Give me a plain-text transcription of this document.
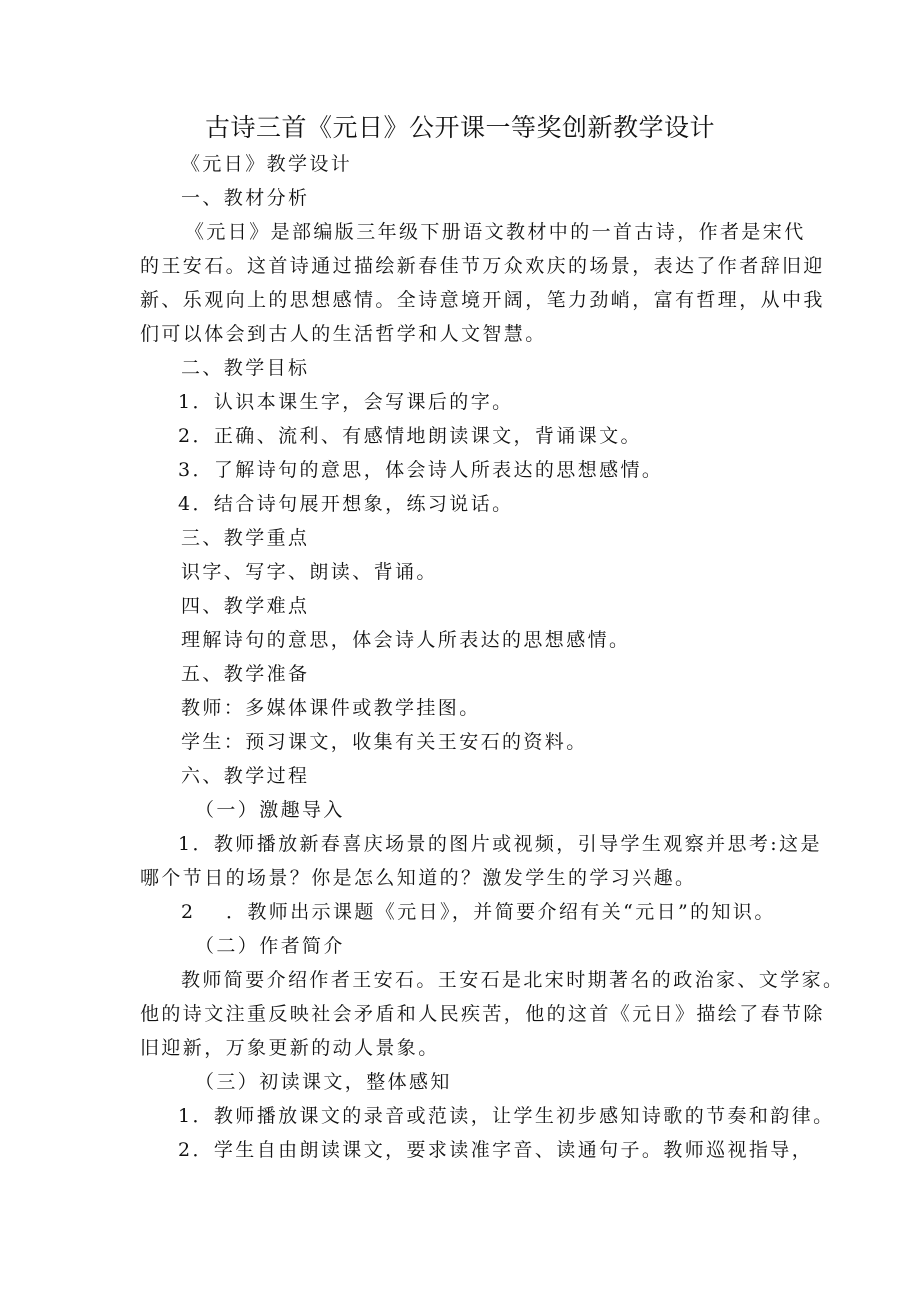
古诗三首《元日》公开课一等奖创新教学设计

《元日》教学设计

一、教材分析

《元日》是部编版三年级下册语文教材中的一首古诗，作者是宋代

的王安石。这首诗通过描绘新春佳节万众欢庆的场景，表达了作者辞旧迎

新、乐观向上的思想感情。全诗意境开阔，笔力劲峭，富有哲理，从中我

们可以体会到古人的生活哲学和人文智慧。

二、教学目标

1．认识本课生字，会写课后的字。

2．正确、流利、有感情地朗读课文，背诵课文。

3．了解诗句的意思，体会诗人所表达的思想感情。

4．结合诗句展开想象，练习说话。

三、教学重点

识字、写字、朗读、背诵。

四、教学难点

理解诗句的意思，体会诗人所表达的思想感情。

五、教学准备

教师：多媒体课件或教学挂图。

学生：预习课文，收集有关王安石的资料。

六、教学过程

（一）激趣导入

1．教师播放新春喜庆场景的图片或视频，引导学生观察并思考:这是

哪个节日的场景？你是怎么知道的？激发学生的学习兴趣。

2 ．教师出示课题《元日》，并简要介绍有关“元日”的知识。

（二）作者简介

教师简要介绍作者王安石。王安石是北宋时期著名的政治家、文学家。

他的诗文注重反映社会矛盾和人民疾苦，他的这首《元日》描绘了春节除

旧迎新，万象更新的动人景象。

（三）初读课文，整体感知

1．教师播放课文的录音或范读，让学生初步感知诗歌的节奏和韵律。

2．学生自由朗读课文，要求读准字音、读通句子。教师巡视指导，
